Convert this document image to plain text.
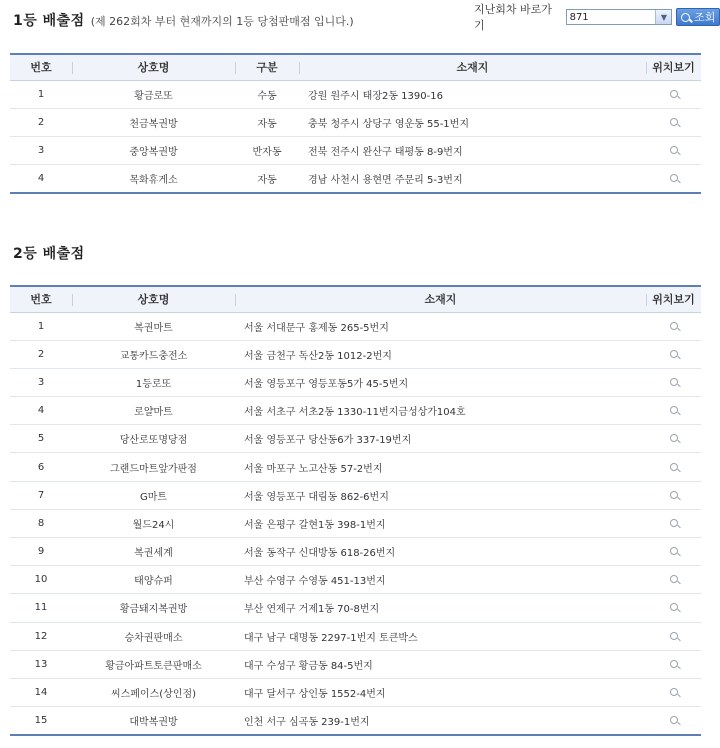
1등 배출점 (제 262회차 부터 현재까지의 1등 당첨판매점 입니다.)
지난회차 바로가기
871	▼	조회
번호	상호명	구분	소재지	위치보기
1	황금로또	수동	강원 원주시 태장2동 1390-16	
2	천금복권방	자동	충북 청주시 상당구 영운동 55-1번지	
3	중앙복권방	반자동	전북 전주시 완산구 태평동 8-9번지	
4	목화휴게소	자동	경남 사천시 용현면 주문리 5-3번지	
2등 배출점
번호	상호명	소재지	위치보기
1	복권마트	서울 서대문구 홍제동 265-5번지	
2	교통카드충전소	서울 금천구 독산2동 1012-2번지	
3	1등로또	서울 영등포구 영등포동5가 45-5번지	
4	로얄마트	서울 서초구 서초2동 1330-11번지금성상가104호	
5	당산로또명당점	서울 영등포구 당산동6가 337-19번지	
6	그랜드마트앞가판점	서울 마포구 노고산동 57-2번지	
7	G마트	서울 영등포구 대림동 862-6번지	
8	월드24시	서울 은평구 갈현1동 398-1번지	
9	복권세계	서울 동작구 신대방동 618-26번지	
10	태양슈퍼	부산 수영구 수영동 451-13번지	
11	황금돼지복권방	부산 연제구 거제1동 70-8번지	
12	승차권판매소	대구 남구 대명동 2297-1번지 토큰박스	
13	황금아파트토큰판매소	대구 수성구 황금동 84-5번지	
14	씨스페이스(상인점)	대구 달서구 상인동 1552-4번지	
15	대박복권방	인천 서구 심곡동 239-1번지	
